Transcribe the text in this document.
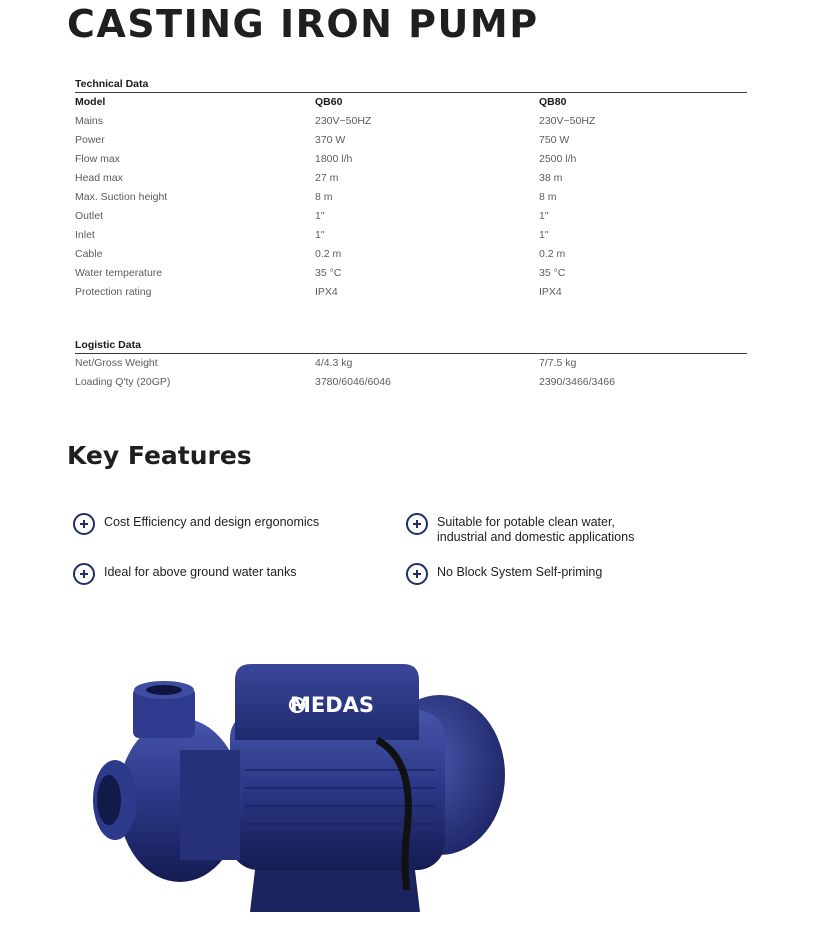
CASTING IRON PUMP
Technical Data
Model	QB60	QB80
Mains	230V~50HZ	230V~50HZ
Power	370 W	750 W
Flow max	1800 l/h	2500 l/h
Head max	27 m	38 m
Max. Suction height	8 m	8 m
Outlet	1"	1"
Inlet	1"	1"
Cable	0.2 m	0.2 m
Water temperature	35 °C	35 °C
Protection rating	IPX4	IPX4
Logistic Data
Net/Gross Weight	4/4.3 kg	7/7.5 kg
Loading Q'ty (20GP)	3780/6046/6046	2390/3466/3466
Key Features
Cost Efficiency and design ergonomics	Suitable for potable clean water,
industrial and domestic applications
Ideal for above ground water tanks	No Block System Self-priming
MEDAS
